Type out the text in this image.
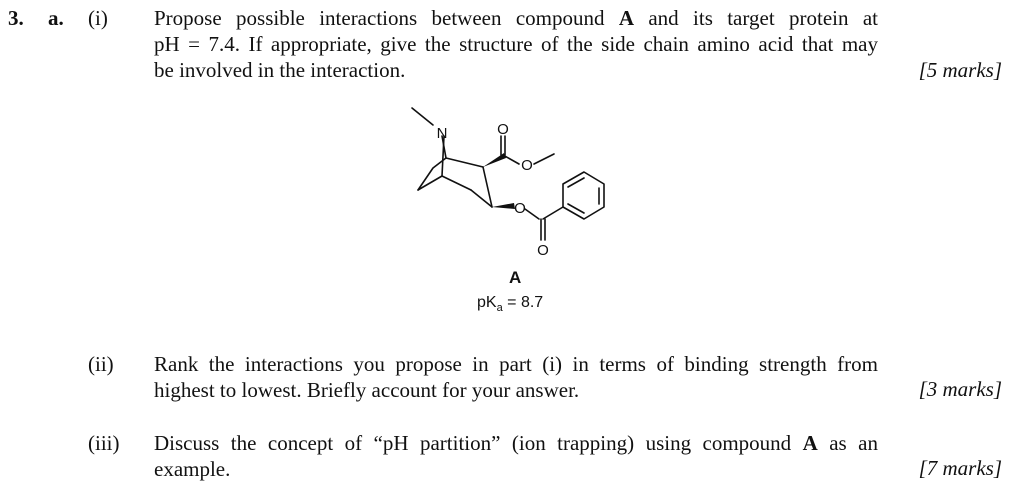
3. a. (i) Propose possible interactions between compound A and its target protein at
pH = 7.4. If appropriate, give the structure of the side chain amino acid that may
be involved in the interaction.	[5 marks]
N	O
O
O
O
A
$pK_a = 8.7$
(ii) Rank the interactions you propose in part (i) in terms of binding strength from
highest to lowest. Briefly account for your answer.	[3 marks]
(iii) Discuss the concept of “pH partition” (ion trapping) using compound A as an
example.	[7 marks]
